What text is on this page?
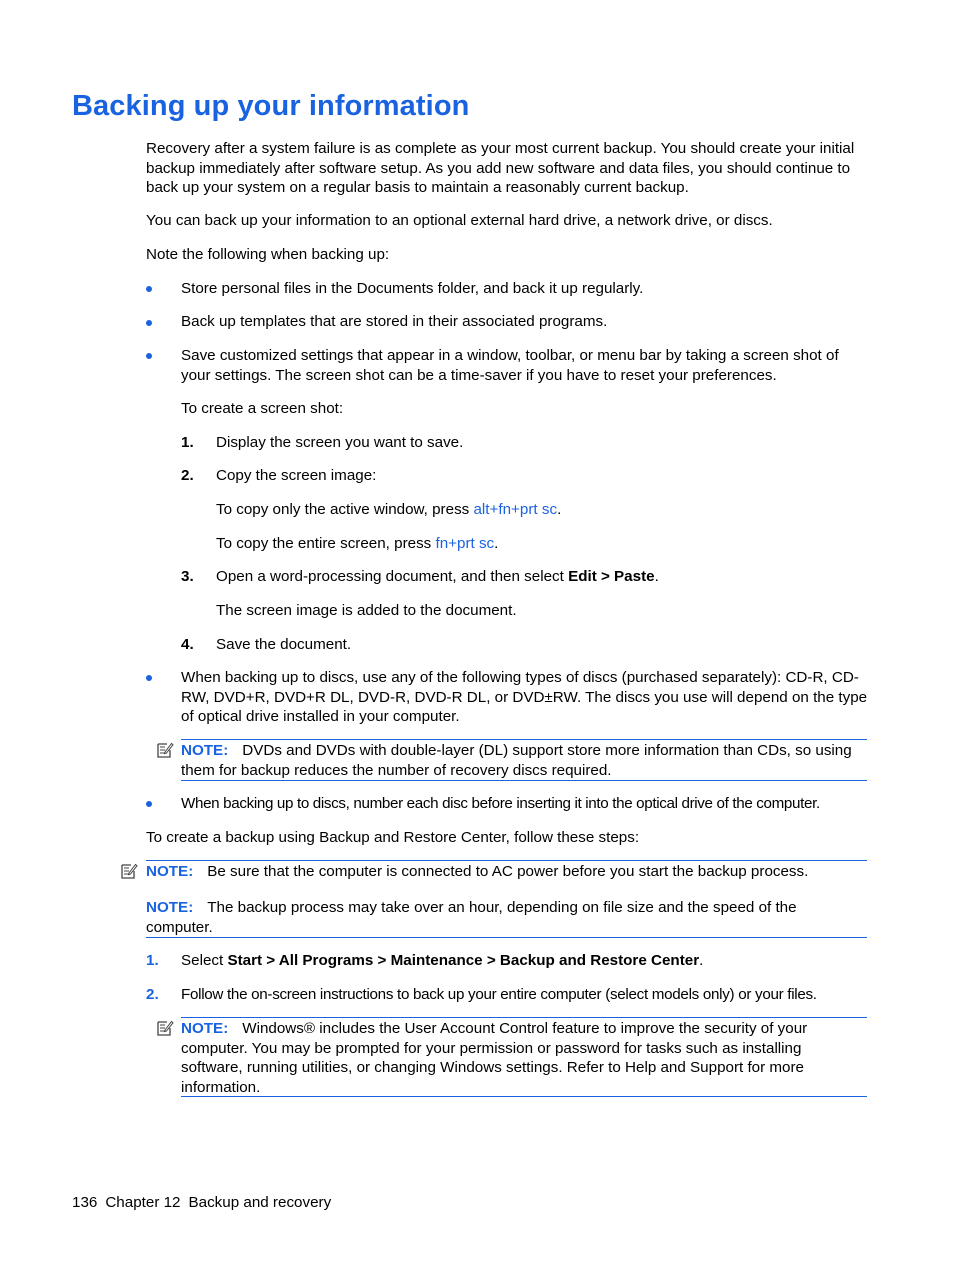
Backing up your information

Recovery after a system failure is as complete as your most current backup. You should create your initial backup immediately after software setup. As you add new software and data files, you should continue to back up your system on a regular basis to maintain a reasonably current backup.

You can back up your information to an optional external hard drive, a network drive, or discs.

Note the following when backing up:

Store personal files in the Documents folder, and back it up regularly.

Back up templates that are stored in their associated programs.

Save customized settings that appear in a window, toolbar, or menu bar by taking a screen shot of your settings. The screen shot can be a time-saver if you have to reset your preferences.

To create a screen shot:

1. Display the screen you want to save.

2. Copy the screen image:

To copy only the active window, press alt+fn+prt sc.

To copy the entire screen, press fn+prt sc.

3. Open a word-processing document, and then select Edit > Paste.

The screen image is added to the document.

4. Save the document.

When backing up to discs, use any of the following types of discs (purchased separately): CD-R, CD-RW, DVD+R, DVD+R DL, DVD-R, DVD-R DL, or DVD±RW. The discs you use will depend on the type of optical drive installed in your computer.

NOTE: DVDs and DVDs with double-layer (DL) support store more information than CDs, so using them for backup reduces the number of recovery discs required.

When backing up to discs, number each disc before inserting it into the optical drive of the computer.

To create a backup using Backup and Restore Center, follow these steps:

NOTE: Be sure that the computer is connected to AC power before you start the backup process.

NOTE: The backup process may take over an hour, depending on file size and the speed of the computer.

1. Select Start > All Programs > Maintenance > Backup and Restore Center.

2. Follow the on-screen instructions to back up your entire computer (select models only) or your files.

NOTE: Windows® includes the User Account Control feature to improve the security of your computer. You may be prompted for your permission or password for tasks such as installing software, running utilities, or changing Windows settings. Refer to Help and Support for more information.

136 Chapter 12 Backup and recovery
